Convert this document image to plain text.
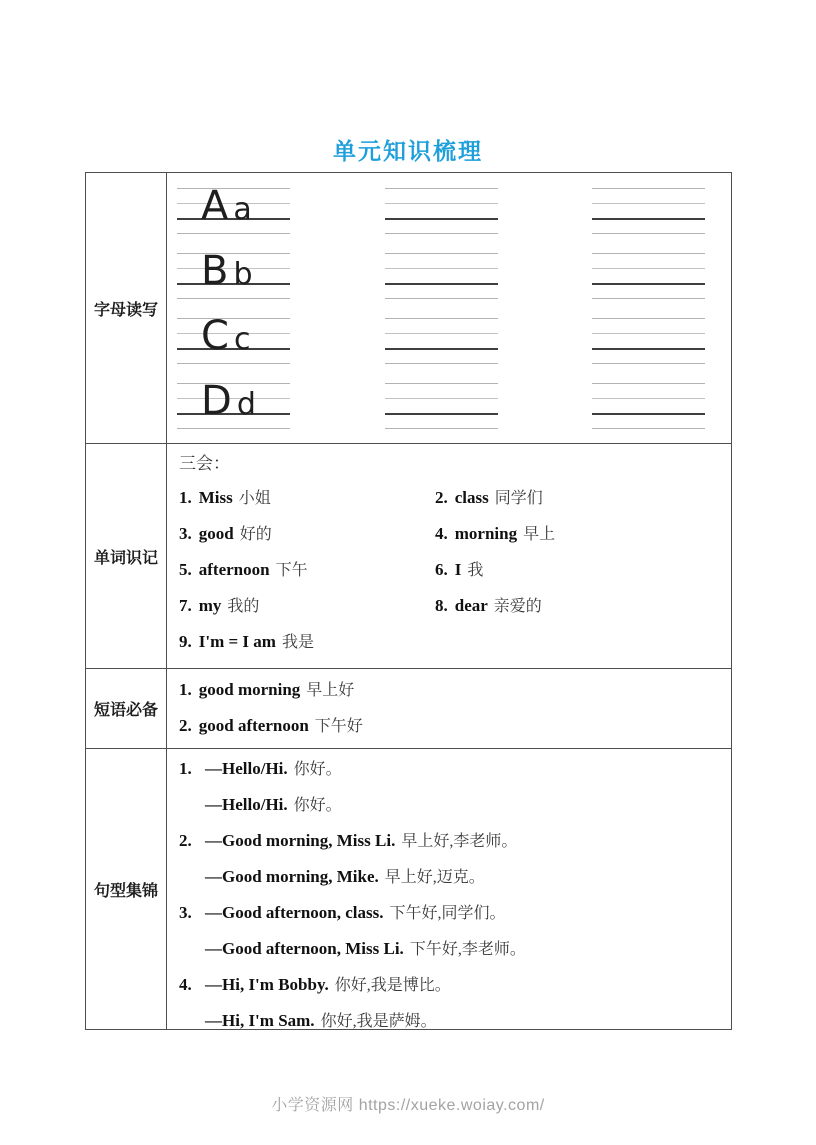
单元知识梳理
字母读写
A a
B b
C c
D d
单词识记
三会：
1. Miss 小姐	2. class 同学们
3. good 好的	4. morning 早上
5. afternoon 下午	6. I 我
7. my 我的	8. dear 亲爱的
9. I'm = I am 我是
短语必备
1. good morning 早上好
2. good afternoon 下午好
句型集锦
1. —Hello/Hi. 你好。
—Hello/Hi. 你好。
2. —Good morning, Miss Li. 早上好,李老师。
—Good morning, Mike. 早上好,迈克。
3. —Good afternoon, class. 下午好,同学们。
—Good afternoon, Miss Li. 下午好,李老师。
4. —Hi, I'm Bobby. 你好,我是博比。
—Hi, I'm Sam. 你好,我是萨姆。
小学资源网 https://xueke.woiay.com/
